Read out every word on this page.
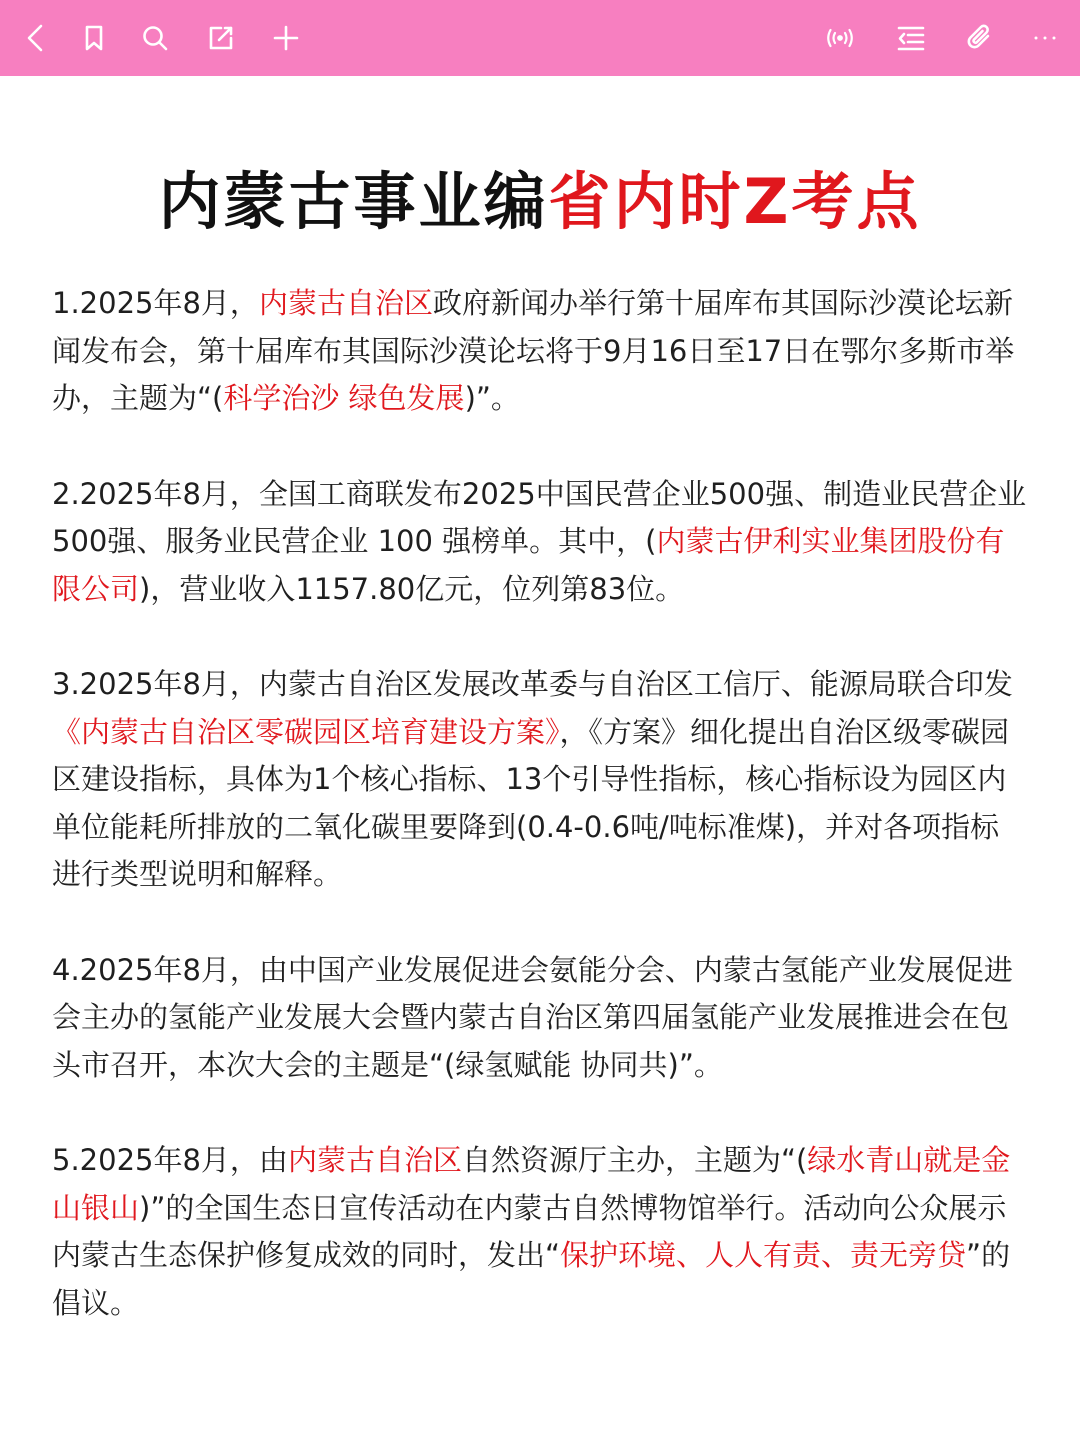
内蒙古事业编省内时Z考点

1.2025年8月，内蒙古自治区政府新闻办举行第十届库布其国际沙漠论坛新闻发布会，第十届库布其国际沙漠论坛将于9月16日至17日在鄂尔多斯市举办，主题为“(科学治沙 绿色发展)”。

2.2025年8月，全国工商联发布2025中国民营企业500强、制造业民营企业500强、服务业民营企业 100 强榜单。其中，(内蒙古伊利实业集团股份有限公司)，营业收入1157.80亿元，位列第83位。

3.2025年8月，内蒙古自治区发展改革委与自治区工信厅、能源局联合印发《内蒙古自治区零碳园区培育建设方案》，《方案》细化提出自治区级零碳园区建设指标，具体为1个核心指标、13个引导性指标，核心指标设为园区内单位能耗所排放的二氧化碳里要降到(0.4-0.6吨/吨标准煤)，并对各项指标进行类型说明和解释。

4.2025年8月，由中国产业发展促进会氨能分会、内蒙古氢能产业发展促进会主办的氢能产业发展大会暨内蒙古自治区第四届氢能产业发展推进会在包头市召开，本次大会的主题是“(绿氢赋能 协同共)”。

5.2025年8月，由内蒙古自治区自然资源厅主办，主题为“(绿水青山就是金山银山)”的全国生态日宣传活动在内蒙古自然博物馆举行。活动向公众展示内蒙古生态保护修复成效的同时，发出“保护环境、人人有责、责无旁贷”的倡议。
